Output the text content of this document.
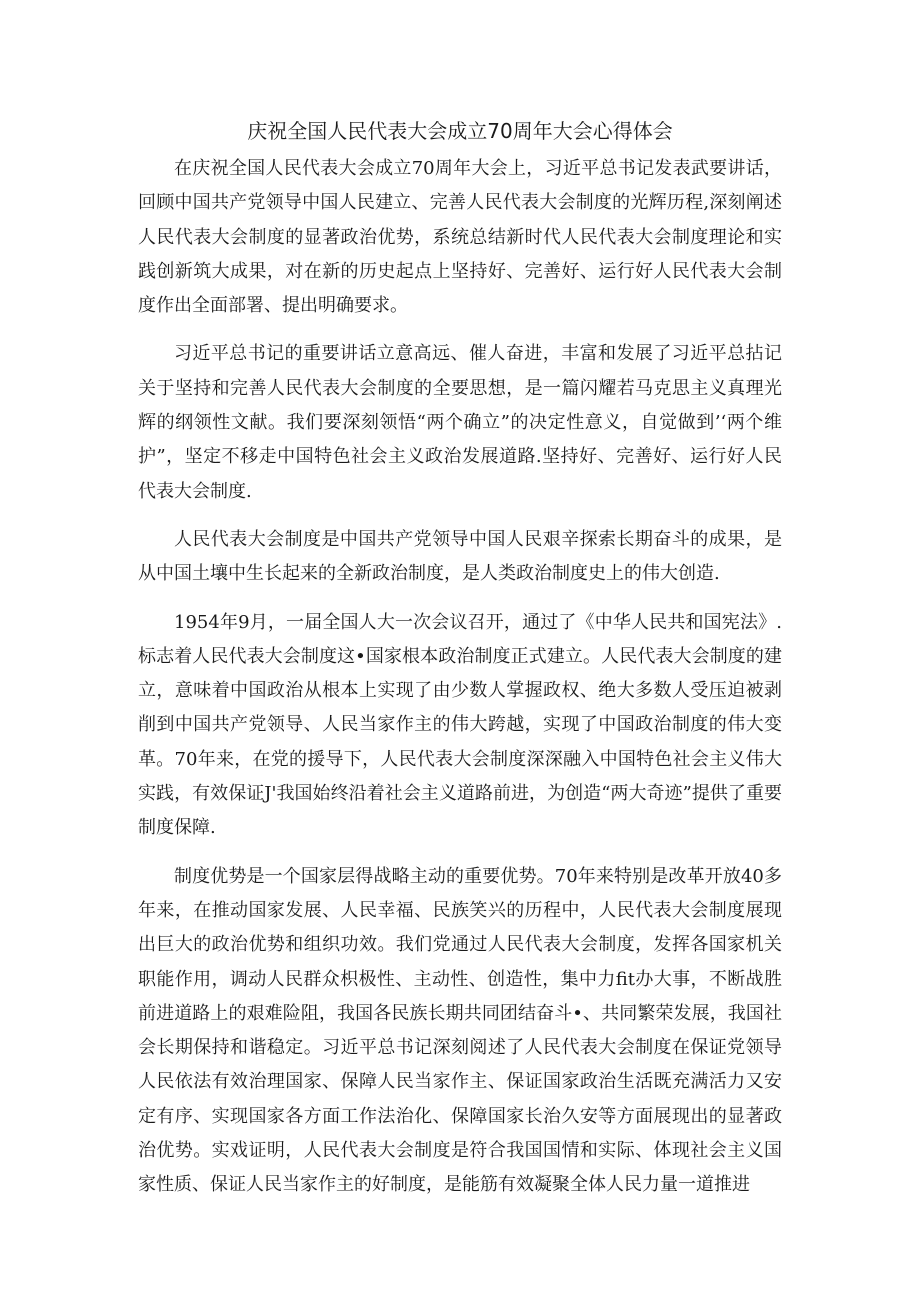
庆祝全国人民代表大会成立70周年大会心得体会

在庆祝全国人民代表大会成立70周年大会上，习近平总书记发表武要讲话，回顾中国共产党领导中国人民建立、完善人民代表大会制度的光辉历程,深刻阐述人民代表大会制度的显著政治优势，系统总结新时代人民代表大会制度理论和实践创新筑大成果，对在新的历史起点上坚持好、完善好、运行好人民代表大会制度作出全面部署、提出明确要求。

习近平总书记的重要讲话立意高远、催人奋进，丰富和发展了习近平总拈记关于坚持和完善人民代表大会制度的全要思想，是一篇闪耀若马克思主义真理光辉的纲领性文献。我们要深刻领悟“两个确立”的决定性意义，自觉做到’‘两个维护”，坚定不移走中国特色社会主义政治发展道路.坚持好、完善好、运行好人民代表大会制度.

人民代表大会制度是中国共产党领导中国人民艰辛探索长期奋斗的成果，是从中国土壤中生长起来的全新政治制度，是人类政治制度史上的伟大创造.

1954年9月，一届全国人大一次会议召开，通过了《中华人民共和国宪法》.标志着人民代表大会制度这•国家根本政治制度正式建立。人民代表大会制度的建立，意味着中国政治从根本上实现了由少数人掌握政权、绝大多数人受压迫被剥削到中国共产党领导、人民当家作主的伟大跨越，实现了中国政治制度的伟大变革。70年来，在党的援导下，人民代表大会制度深深融入中国特色社会主义伟大实践，有效保证J'我国始终沿着社会主义道路前进，为创造“两大奇迹”提供了重要制度保障.

制度优势是一个国家层得战略主动的重要优势。70年来特别是改革开放40多年来，在推动国家发展、人民幸福、民族笑兴的历程中，人民代表大会制度展现出巨大的政治优势和组织功效。我们党通过人民代表大会制度，发挥各国家机关职能作用，调动人民群众枳极性、主动性、创造性，集中力fit办大事，不断战胜前进道路上的艰难险阻，我国各民族长期共同团结奋斗•、共同繁荣发展，我国社会长期保持和谐稳定。习近平总书记深刻阅述了人民代表大会制度在保证党领导人民依法有效治理国家、保障人民当家作主、保证国家政治生活既充满活力又安定有序、实现国家各方面工作法治化、保障国家长治久安等方面展现出的显著政治优势。实戏证明，人民代表大会制度是符合我国国情和实际、体现社会主义国家性质、保证人民当家作主的好制度，是能筋有效凝聚全体人民力量一道推进
